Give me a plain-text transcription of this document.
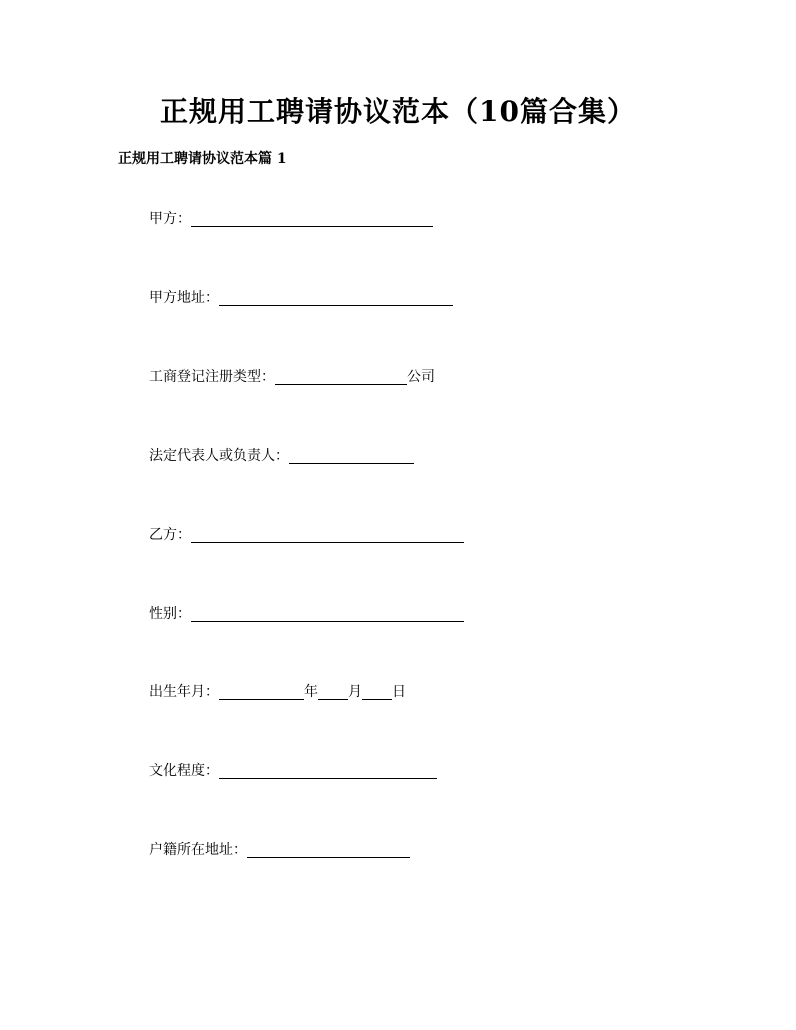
正规用工聘请协议范本（10篇合集）
正规用工聘请协议范本篇 1
甲方：
甲方地址：
工商登记注册类型：	公司
法定代表人或负责人：
乙方：
性别：
出生年月：	年 月 日
文化程度：
户籍所在地址：
